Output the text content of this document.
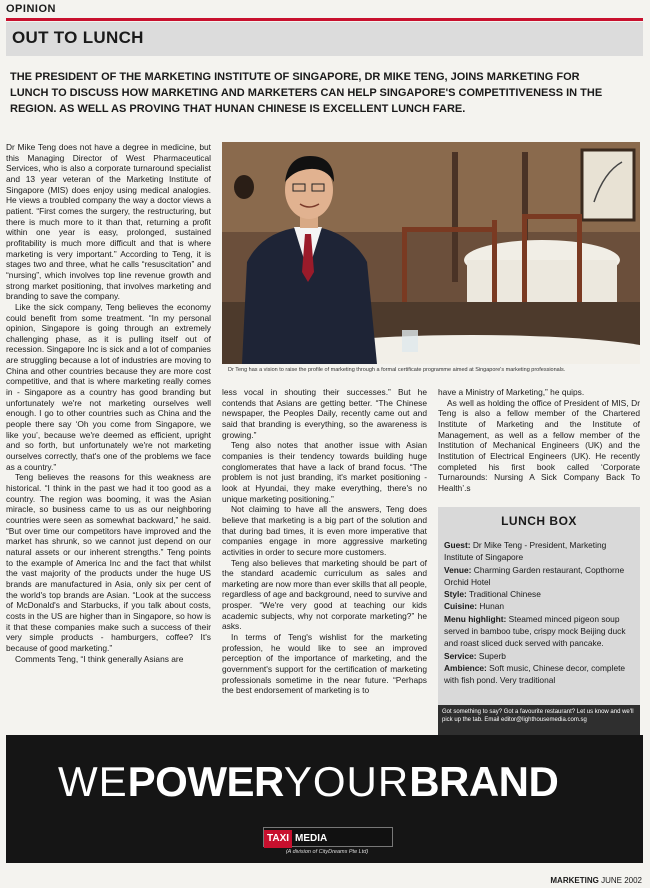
OPINION
OUT TO LUNCH
THE PRESIDENT OF THE MARKETING INSTITUTE OF SINGAPORE, DR MIKE TENG, JOINS MARKETING FOR LUNCH TO DISCUSS HOW MARKETING AND MARKETERS CAN HELP SINGAPORE'S COMPETITIVENESS IN THE REGION. AS WELL AS PROVING THAT HUNAN CHINESE IS EXCELLENT LUNCH FARE.

Dr Mike Teng does not have a degree in medicine, but this Managing Director of West Pharmaceutical Services, who is also a corporate turnaround specialist and 13 year veteran of the Marketing Institute of Singapore (MIS) does enjoy using medical analogies. He views a troubled company the way a doctor views a patient. “First comes the surgery, the restructuring, but there is much more to it than that, returning a profit within one year is easy, prolonged, sustained profitability is much more difficult and that is where marketing is very important.” According to Teng, it is stages two and three, what he calls “resuscitation” and “nursing”, which involves top line revenue growth and strong market positioning, that involves marketing and branding to save the company.

Like the sick company, Teng believes the economy could benefit from some treatment. “In my personal opinion, Singapore is going through an extremely challenging phase, as it is pulling itself out of recession. Singapore Inc is sick and a lot of companies are struggling because a lot of industries are moving to China and other countries because they are more cost competitive, and that is where marketing really comes in - Singapore as a country has good branding but unfortunately we're not marketing ourselves well enough. I go to other countries such as China and the people there say ‘Oh you come from Singapore, we like you’, because we're deemed as efficient, upright and so forth, but unfortunately we're not marketing ourselves correctly, that's one of the problems we face as a country.”

Teng believes the reasons for this weakness are historical. “I think in the past we had it too good as a country. The region was booming, it was the Asian miracle, so business came to us as our neighboring countries were seen as somewhat backward,” he said. “But over time our competitors have improved and the market has shrunk, so we cannot just depend on our natural assets or our inherent strengths.” Teng points to the example of America Inc and the fact that whilst the vast majority of the products under the huge US brands are manufactured in Asia, only six per cent of the world's top brands are Asian. “Look at the success of McDonald's and Starbucks, if you talk about costs, costs in the US are higher than in Singapore, so how is it that these companies make such a success of their very simple products - hamburgers, coffee? It's because of good marketing.”

Comments Teng, “I think generally Asians are

Dr Teng has a vision to raise the profile of marketing through a formal certificate programme aimed at Singapore's marketing professionals.

less vocal in shouting their successes.” But he contends that Asians are getting better. “The Chinese newspaper, the Peoples Daily, recently came out and said that branding is everything, so the awareness is growing.”

Teng also notes that another issue with Asian companies is their tendency towards building huge conglomerates that have a lack of brand focus. “The problem is not just branding, it's market positioning - look at Hyundai, they make everything, there's no unique marketing positioning.”

Not claiming to have all the answers, Teng does believe that marketing is a big part of the solution and that during bad times, it is even more imperative that companies engage in more aggressive marketing activities in order to secure more customers.

Teng also believes that marketing should be part of the standard academic curriculum as sales and marketing are now more than ever skills that all people, regardless of age and background, need to survive and prosper. “We're very good at teaching our kids academic subjects, why not corporate marketing?” he asks.

In terms of Teng's wishlist for the marketing profession, he would like to see an improved perception of the importance of marketing, and the government's support for the certification of marketing professionals sometime in the near future. “Perhaps the best endorsement of marketing is to

have a Ministry of Marketing,” he quips.

As well as holding the office of President of MIS, Dr Teng is also a fellow member of the Chartered Institute of Marketing and the Institute of Management, as well as a fellow member of the Institution of Mechanical Engineers (UK) and the Institution of Electrical Engineers (UK). He recently completed his first book called ‘Corporate Turnarounds: Nursing A Sick Company Back To Health’.s

LUNCH BOX

Guest: Dr Mike Teng - President, Marketing Institute of Singapore

Venue: Charming Garden restaurant, Copthorne Orchid Hotel

Style: Traditional Chinese

Cuisine: Hunan

Menu highlight: Steamed minced pigeon soup served in bamboo tube, crispy mock Beijing duck and roast sliced duck served with pancake.

Service: Superb

Ambience: Soft music, Chinese decor, complete with fish pond. Very traditional

Got something to say? Got a favourite restaurant? Let us know and we'll pick up the tab. Email editor@lighthousemedia.com.sg
WEPOWERYOURBRAND
TAXI MEDIA
(A division of CityDreams Pte Ltd)
MARKETING JUNE 2002
